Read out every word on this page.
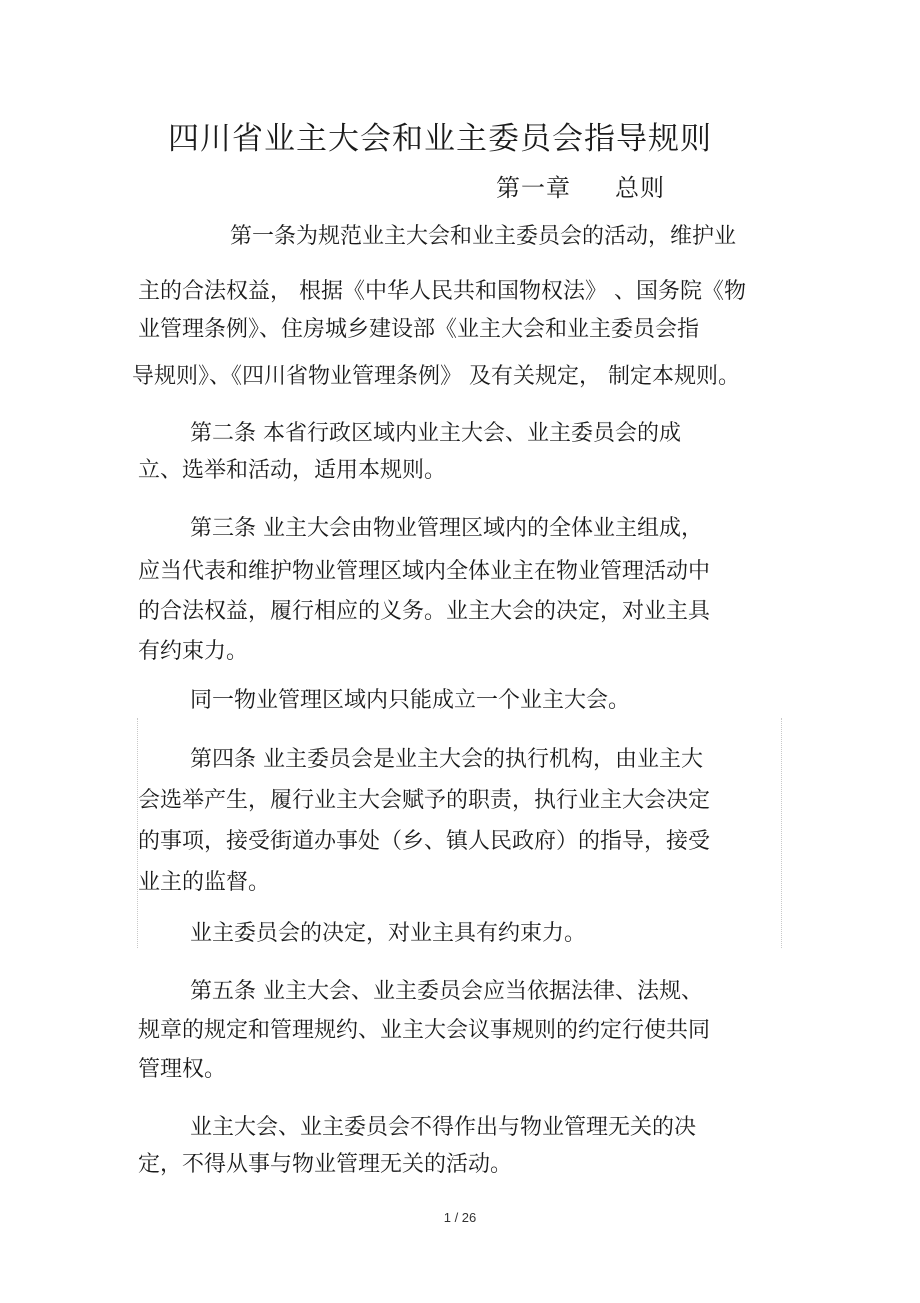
四川省业主大会和业主委员会指导规则
第一章 总则
第一条为规范业主大会和业主委员会的活动，维护业
主的合法权益， 根据《中华人民共和国物权法》 、国务院《物
业管理条例》、住房城乡建设部《业主大会和业主委员会指
导规则》、《四川省物业管理条例》 及有关规定， 制定本规则。
第二条 本省行政区域内业主大会、业主委员会的成
立、选举和活动，适用本规则。
第三条 业主大会由物业管理区域内的全体业主组成，
应当代表和维护物业管理区域内全体业主在物业管理活动中
的合法权益，履行相应的义务。业主大会的决定，对业主具
有约束力。
同一物业管理区域内只能成立一个业主大会。
第四条 业主委员会是业主大会的执行机构，由业主大
会选举产生，履行业主大会赋予的职责，执行业主大会决定
的事项，接受街道办事处（乡、镇人民政府）的指导，接受
业主的监督。
业主委员会的决定，对业主具有约束力。
第五条 业主大会、业主委员会应当依据法律、法规、
规章的规定和管理规约、业主大会议事规则的约定行使共同
管理权。
业主大会、业主委员会不得作出与物业管理无关的决
定，不得从事与物业管理无关的活动。
1 / 26
